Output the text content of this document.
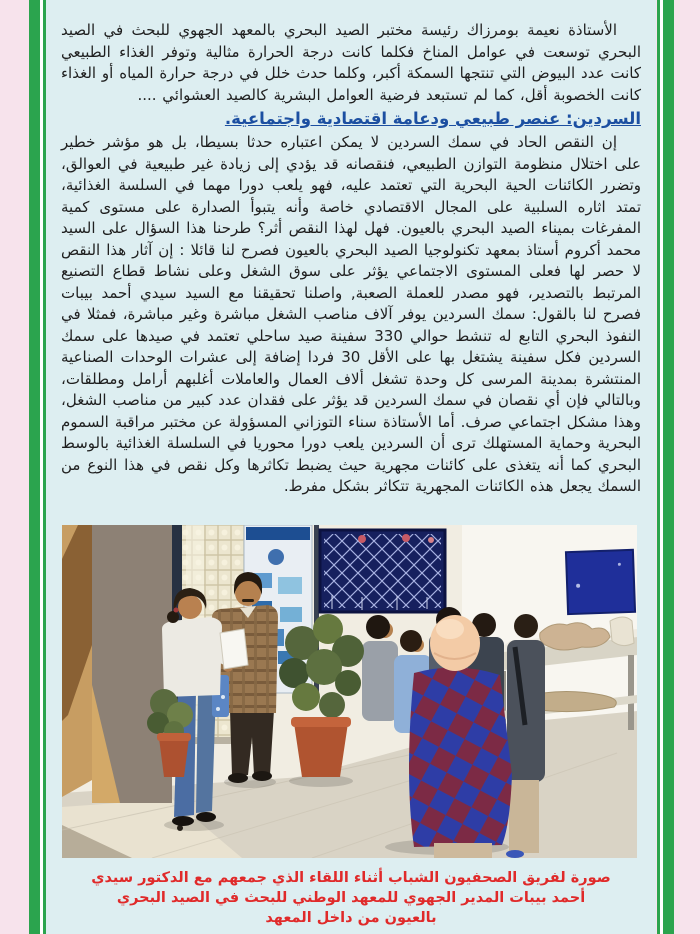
الأستاذة نعيمة بومرزاك رئيسة مختبر الصيد البحري بالمعهد الجهوي للبحث في الصيد البحري توسعت في عوامل المناخ فكلما كانت درجة الحرارة مثالية وتوفر الغذاء الطبيعي كانت عدد البيوض التي تنتجها السمكة أكبر، وكلما حدث خلل في درجة حرارة المياه أو الغذاء كانت الخصوبة أقل، كما لم تستبعد فرضية العوامل البشرية كالصيد العشوائي ....

السردين: عنصر طبيعي ودعامة اقتصادية واجتماعية.

إن النقص الحاد في سمك السردين لا يمكن اعتباره حدثا بسيطا، بل هو مؤشر خطير على اختلال منظومة التوازن الطبيعي، فنقصانه قد يؤدي إلى زيادة غير طبيعية في العوالق، وتضرر الكائنات الحية البحرية التي تعتمد عليه، فهو يلعب دورا مهما في السلسة الغذائية، تمتد اثاره السلبية على المجال الاقتصادي خاصة وأنه يتبوأ الصدارة على مستوى كمية المفرغات بميناء الصيد البحري بالعيون. فهل لهذا النقص أثر؟ طرحنا هذا السؤال على السيد محمد أكروم أستاذ بمعهد تكنولوجيا الصيد البحري بالعيون فصرح لنا قائلا : إن آثار هذا النقص لا حصر لها فعلى المستوى الاجتماعي يؤثر على سوق الشغل وعلى نشاط قطاع التصنيع المرتبط بالتصدير، فهو مصدر للعملة الصعبة, واصلنا تحقيقنا مع السيد سيدي أحمد بيبات فصرح لنا بالقول: سمك السردين يوفر آلاف مناصب الشغل مباشرة وغير مباشرة، فمثلا في النفوذ البحري التابع له تنشط حوالي 330 سفينة صيد ساحلي تعتمد في صيدها على سمك السردين فكل سفينة يشتغل بها على الأقل 30 فردا إضافة إلى عشرات الوحدات الصناعية المنتشرة بمدينة المرسى كل وحدة تشغل ألاف العمال والعاملات أغلبهم أرامل ومطلقات، وبالتالي فإن أي نقصان في سمك السردين قد يؤثر على فقدان عدد كبير من مناصب الشغل، وهذا مشكل اجتماعي صرف. أما الأستاذة سناء التوزاني المسؤولة عن مختبر مراقبة السموم البحرية وحماية المستهلك ترى أن السردين يلعب دورا محوريا في السلسلة الغذائية بالوسط البحري كما أنه يتغذى على كائنات مجهرية حيث يضبط تكاثرها وكل نقص في هذا النوع من السمك يجعل هذه الكائنات المجهرية تتكاثر بشكل مفرط.

صورة لفريق الصحفيون الشباب أثناء اللقاء الذي جمعهم مع الدكتور سيدي أحمد بيبات المدير الجهوي للمعهد الوطني للبحث في الصيد البحري بالعيون من داخل المعهد
